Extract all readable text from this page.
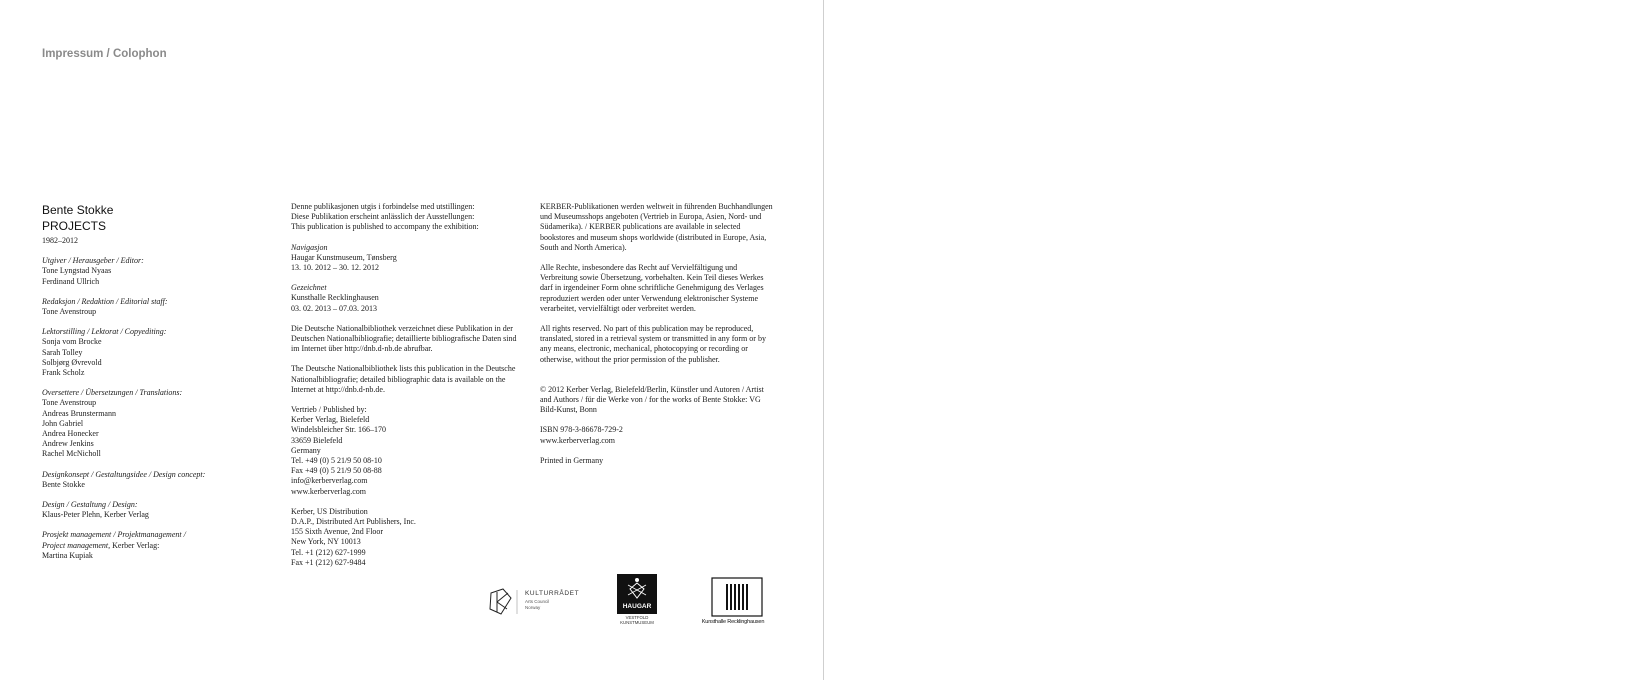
Impressum / Colophon
Bente Stokke
PROJECTS
1982–2012
Utgiver / Herausgeber / Editor:
Tone Lyngstad Nyaas
Ferdinand Ullrich
Redaksjon / Redaktion / Editorial staff:
Tone Avenstroup
Lektorstilling / Lektorat / Copyediting:
Sonja vom Brocke
Sarah Tolley
Solbjørg Øvrevold
Frank Scholz
Oversettere / Übersetzungen / Translations:
Tone Avenstroup
Andreas Brunstermann
John Gabriel
Andrea Honecker
Andrew Jenkins
Rachel McNicholl
Designkonsept / Gestaltungsidee / Design concept:
Bente Stokke
Design / Gestaltung / Design:
Klaus-Peter Plehn, Kerber Verlag
Prosjekt management / Projektmanagement /
Project management, Kerber Verlag:
Martina Kupiak
Denne publikasjonen utgis i forbindelse med utstillingen:
Diese Publikation erscheint anlässlich der Ausstellungen:
This publication is published to accompany the exhibition:
Navigasjon
Haugar Kunstmuseum, Tønsberg
13. 10. 2012 – 30. 12. 2012
Gezeichnet
Kunsthalle Recklinghausen
03. 02. 2013 – 07.03. 2013
Die Deutsche Nationalbibliothek verzeichnet diese Publikation in der Deutschen Nationalbibliografie; detaillierte bibliografische Daten sind im Internet über http://dnb.d-nb.de abrufbar.
The Deutsche Nationalbibliothek lists this publication in the Deutsche Nationalbibliografie; detailed bibliographic data is available on the Internet at http://dnb.d-nb.de.
Vertrieb / Published by:
Kerber Verlag, Bielefeld
Windelsbleicher Str. 166–170
33659 Bielefeld
Germany
Tel. +49 (0) 5 21/9 50 08-10
Fax +49 (0) 5 21/9 50 08-88
info@kerberverlag.com
www.kerberverlag.com
Kerber, US Distribution
D.A.P., Distributed Art Publishers, Inc.
155 Sixth Avenue, 2nd Floor
New York, NY 10013
Tel. +1 (212) 627-1999
Fax +1 (212) 627-9484
KERBER-Publikationen werden weltweit in führenden Buchhandlungen und Museumsshops angeboten (Vertrieb in Europa, Asien, Nord- und Südamerika). / KERBER publications are available in selected bookstores and museum shops worldwide (distributed in Europe, Asia, South and North America).
Alle Rechte, insbesondere das Recht auf Vervielfältigung und Verbreitung sowie Übersetzung, vorbehalten. Kein Teil dieses Werkes darf in irgendeiner Form ohne schriftliche Genehmigung des Verlages reproduziert werden oder unter Verwendung elektronischer Systeme verarbeitet, vervielfältigt oder verbreitet werden.
All rights reserved. No part of this publication may be reproduced, translated, stored in a retrieval system or transmitted in any form or by any means, electronic, mechanical, photocopying or recording or otherwise, without the prior permission of the publisher.
© 2012 Kerber Verlag, Bielefeld/Berlin, Künstler und Autoren / Artist and Authors / für die Werke von / for the works of Bente Stokke: VG Bild-Kunst, Bonn
ISBN 978-3-86678-729-2
www.kerberverlag.com
Printed in Germany
KULTURRÅDET
Arts Council
Norway	HAUGAR
VESTFOLD
KUNSTMUSEUM	Kunsthalle Recklinghausen
